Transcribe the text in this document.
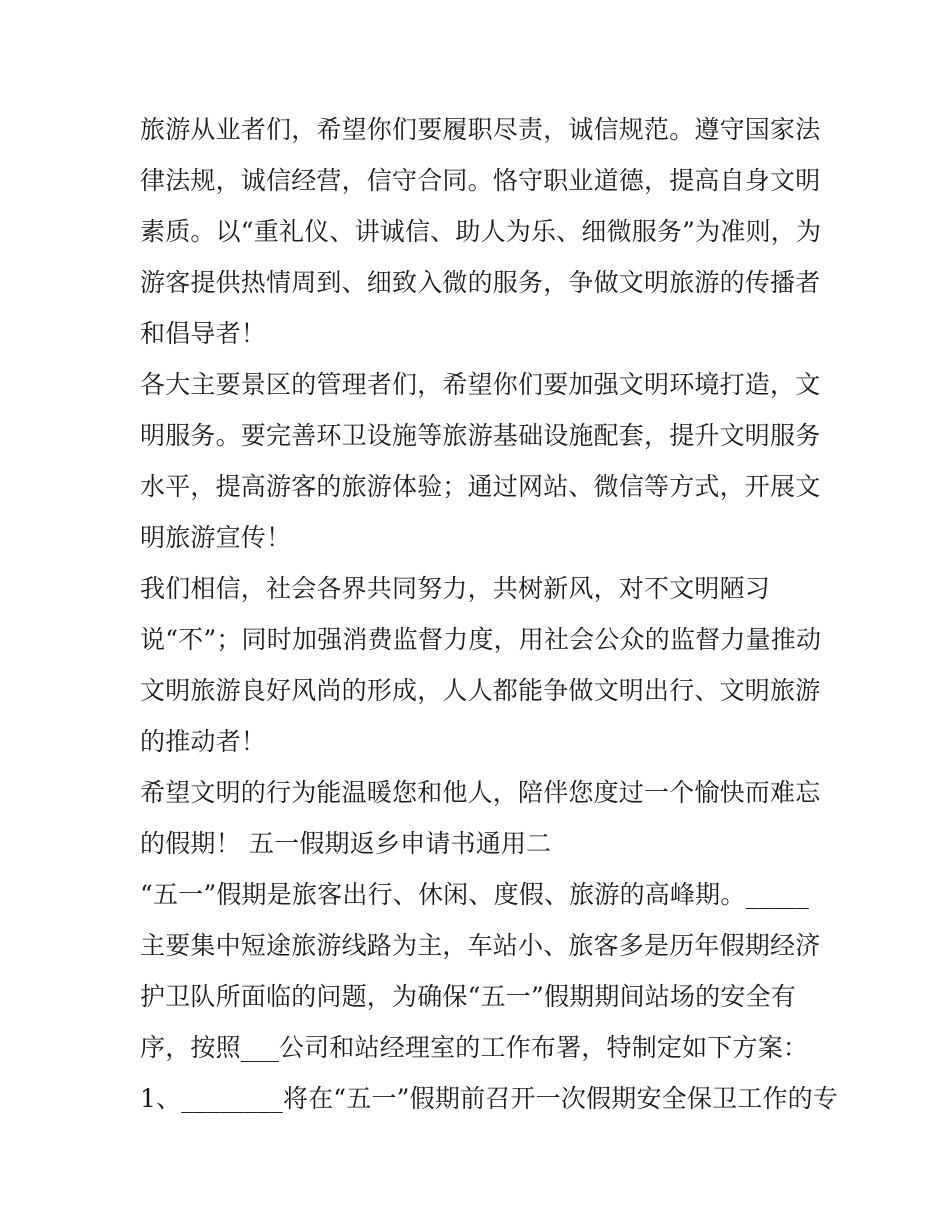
旅游从业者们，希望你们要履职尽责，诚信规范。遵守国家法
律法规，诚信经营，信守合同。恪守职业道德，提高自身文明
素质。以“重礼仪、讲诚信、助人为乐、细微服务”为准则，为
游客提供热情周到、细致入微的服务，争做文明旅游的传播者
和倡导者！
各大主要景区的管理者们，希望你们要加强文明环境打造，文
明服务。要完善环卫设施等旅游基础设施配套，提升文明服务
水平，提高游客的旅游体验；通过网站、微信等方式，开展文
明旅游宣传！
我们相信，社会各界共同努力，共树新风，对不文明陋习
说“不”；同时加强消费监督力度，用社会公众的监督力量推动
文明旅游良好风尚的形成，人人都能争做文明出行、文明旅游
的推动者！
希望文明的行为能温暖您和他人，陪伴您度过一个愉快而难忘
的假期！ 五一假期返乡申请书通用二
“五一”假期是旅客出行、休闲、度假、旅游的高峰期。_____
主要集中短途旅游线路为主，车站小、旅客多是历年假期经济
护卫队所面临的问题，为确保“五一”假期期间站场的安全有
序，按照___公司和站经理室的工作布署，特制定如下方案：
1、________将在“五一”假期前召开一次假期安全保卫工作的专
